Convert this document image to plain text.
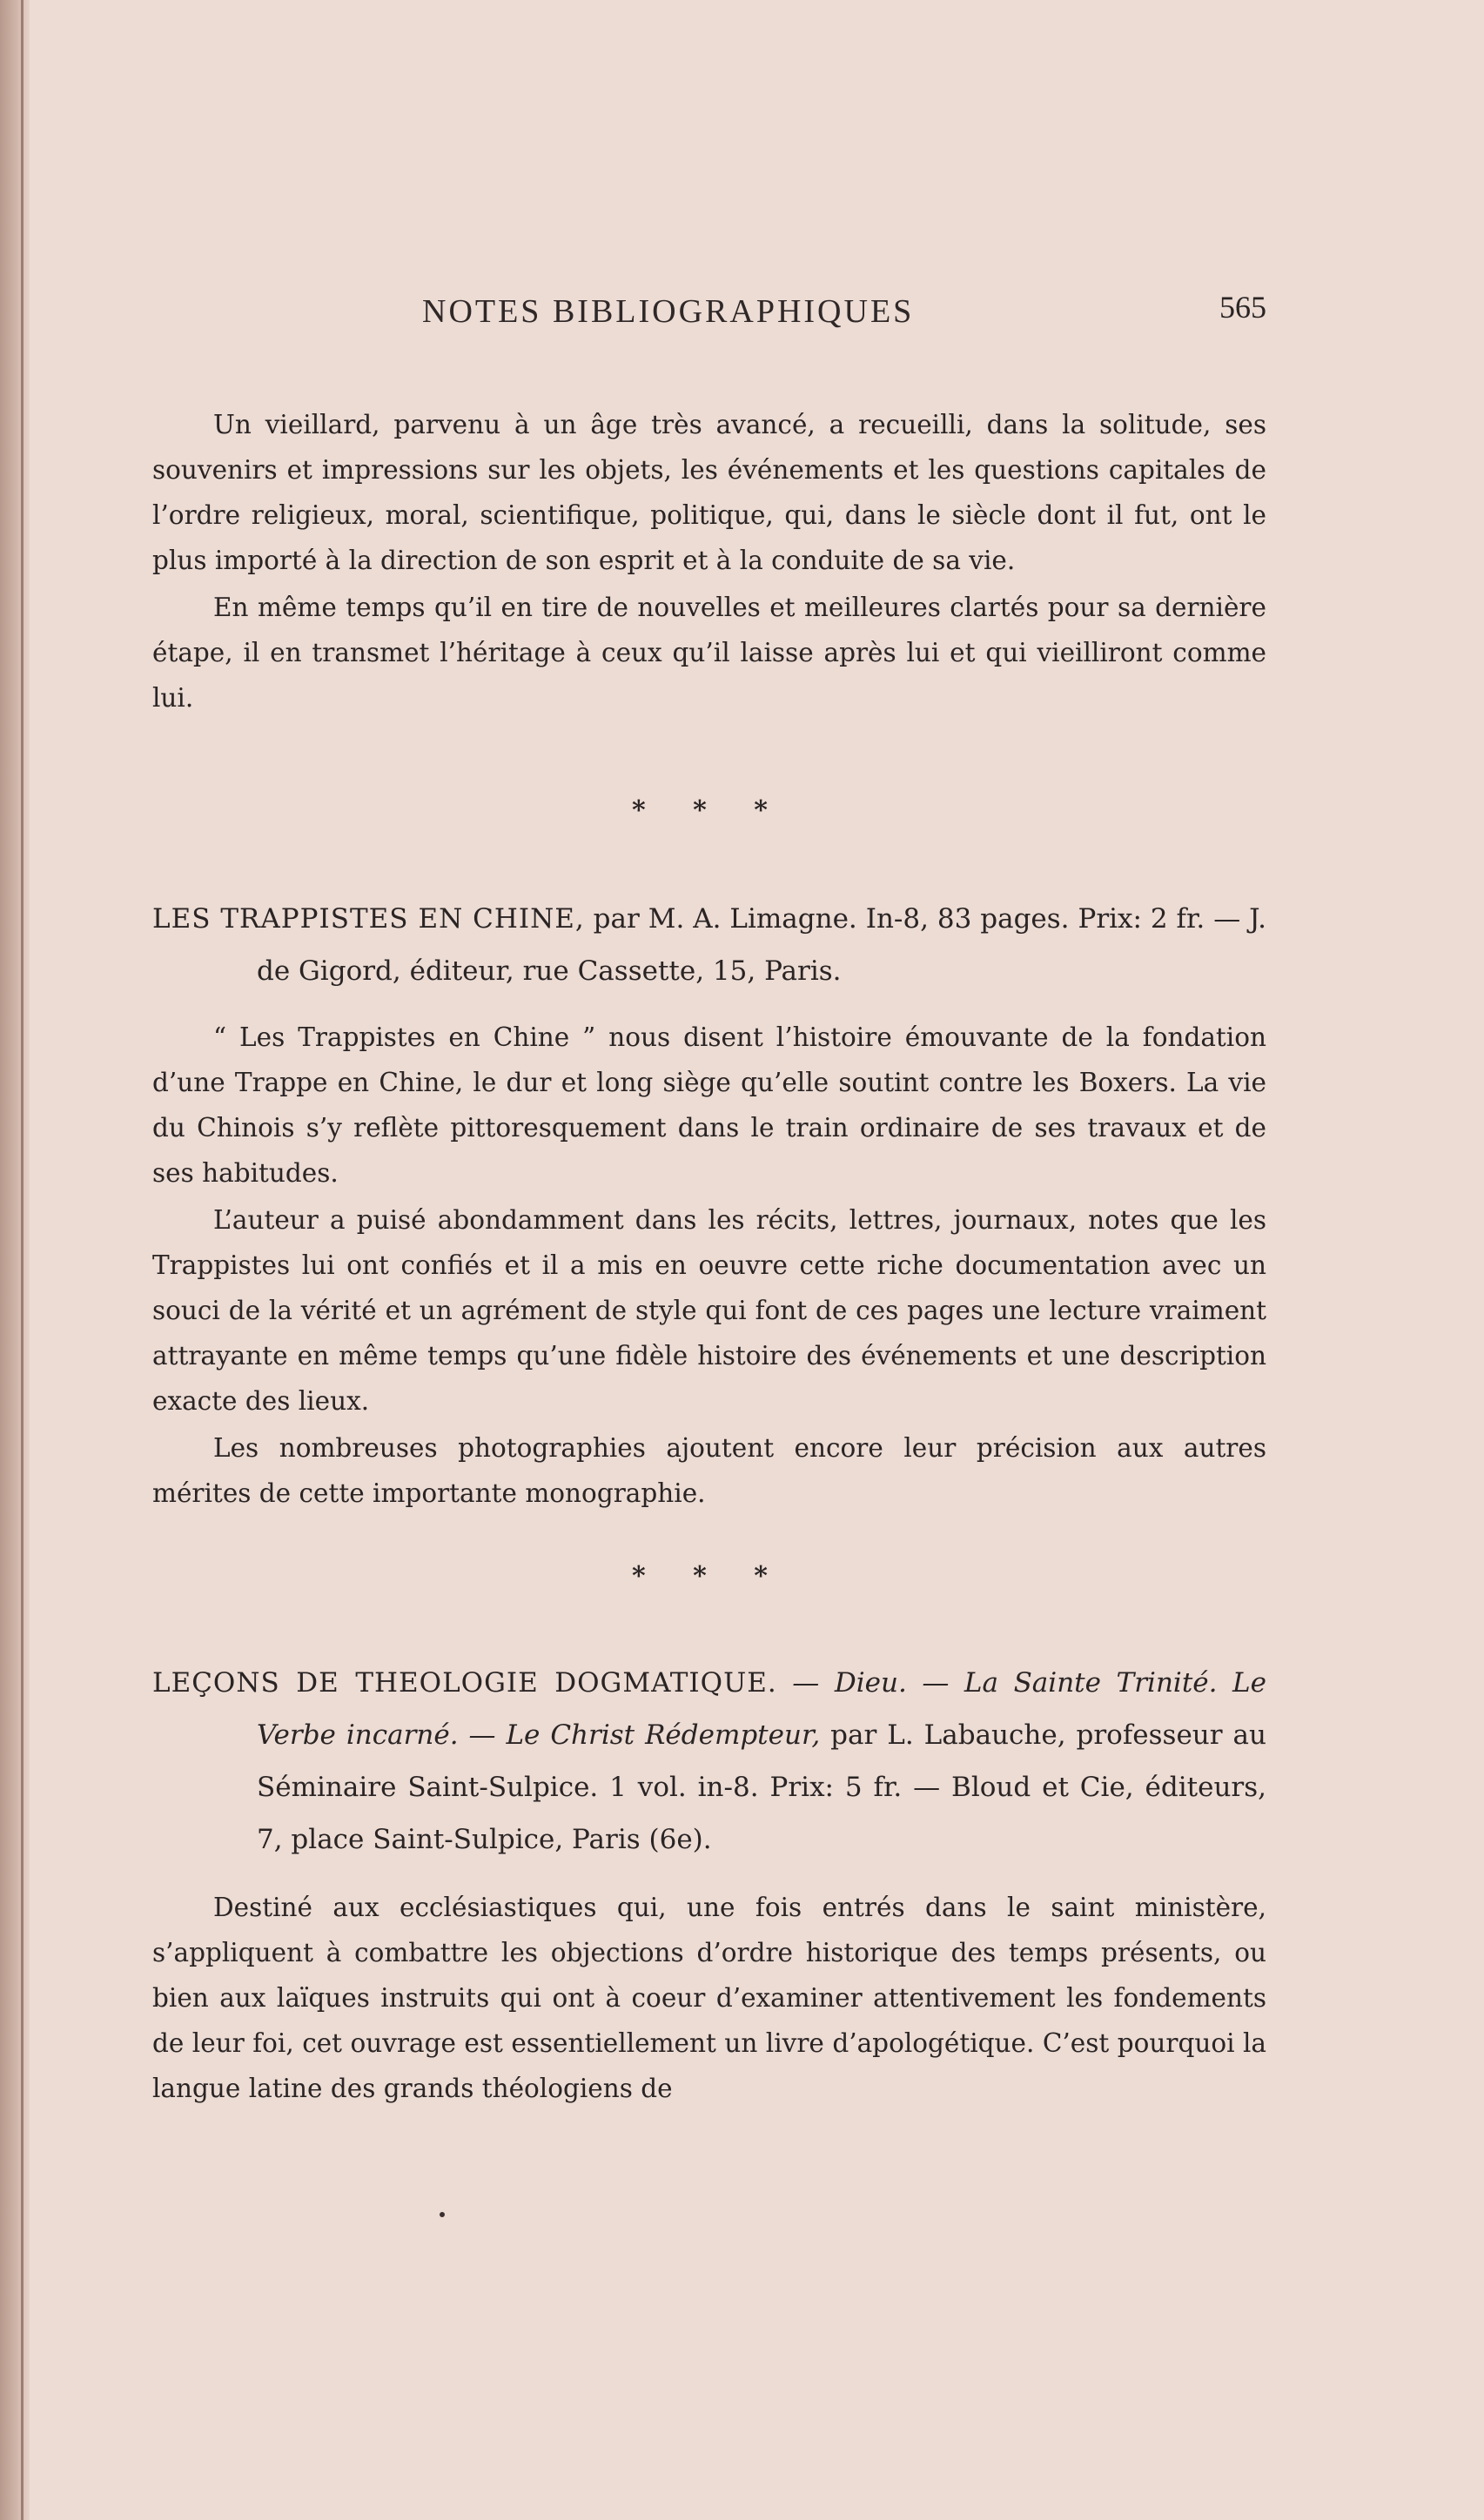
NOTES BIBLIOGRAPHIQUES	565

Un vieillard, parvenu à un âge très avancé, a recueilli, dans la solitude, ses souvenirs et impressions sur les objets, les événements et les questions capitales de l’ordre religieux, moral, scientifique, politique, qui, dans le siècle dont il fut, ont le plus importé à la direction de son esprit et à la conduite de sa vie.

En même temps qu’il en tire de nouvelles et meilleures clartés pour sa dernière étape, il en transmet l’héritage à ceux qu’il laisse après lui et qui vieilliront comme lui.

* * *

LES TRAPPISTES EN CHINE, par M. A. Limagne. In-8, 83 pages. Prix: 2 fr. — J. de Gigord, éditeur, rue Cassette, 15, Paris.

“ Les Trappistes en Chine ” nous disent l’histoire émouvante de la fondation d’une Trappe en Chine, le dur et long siège qu’elle soutint contre les Boxers. La vie du Chinois s’y reflète pittoresquement dans le train ordinaire de ses travaux et de ses habitudes.

L’auteur a puisé abondamment dans les récits, lettres, journaux, notes que les Trappistes lui ont confiés et il a mis en oeuvre cette riche documentation avec un souci de la vérité et un agrément de style qui font de ces pages une lecture vraiment attrayante en même temps qu’une fidèle histoire des événements et une description exacte des lieux.

Les nombreuses photographies ajoutent encore leur précision aux autres mérites de cette importante monographie.

* * *

LEÇONS DE THEOLOGIE DOGMATIQUE. — Dieu. — La Sainte Trinité. Le Verbe incarné. — Le Christ Rédempteur, par L. Labauche, professeur au Séminaire Saint-Sulpice. 1 vol. in-8. Prix: 5 fr. — Bloud et Cie, éditeurs, 7, place Saint-Sulpice, Paris (6e).

Destiné aux ecclésiastiques qui, une fois entrés dans le saint ministère, s’appliquent à combattre les objections d’ordre historique des temps présents, ou bien aux laïques instruits qui ont à coeur d’examiner attentivement les fondements de leur foi, cet ouvrage est essentiellement un livre d’apologétique. C’est pourquoi la langue latine des grands théologiens de
